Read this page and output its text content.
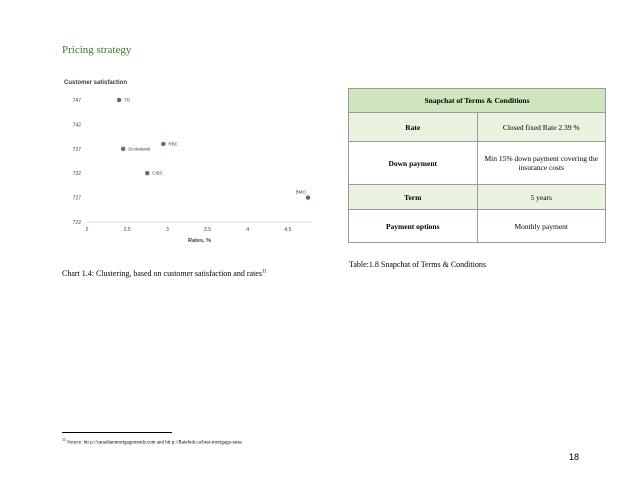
Pricing strategy
Customer satisfaction
747
742
737
732
727
722
2	2.5	3	3.5	4	4.5
Rates, %
TD
Scotiabank
RBC
CIBC
BMO
Chart 1.4: Clustering, based on customer satisfaction and rates$^{11}$
Snapchat of Terms & Conditions	
Rate	Closed fixed Rate 2.39 %
Down payment	Min 15% down payment covering the insurance costs
Term	5 years
Payment options	Monthly payment
Table:1.8 Snapchat of Terms & Conditions
$^{11}$ Source: htt p://canadianmortgagetrends.com and htt p://Ratehub.ca/best-mortgage-rates
18
